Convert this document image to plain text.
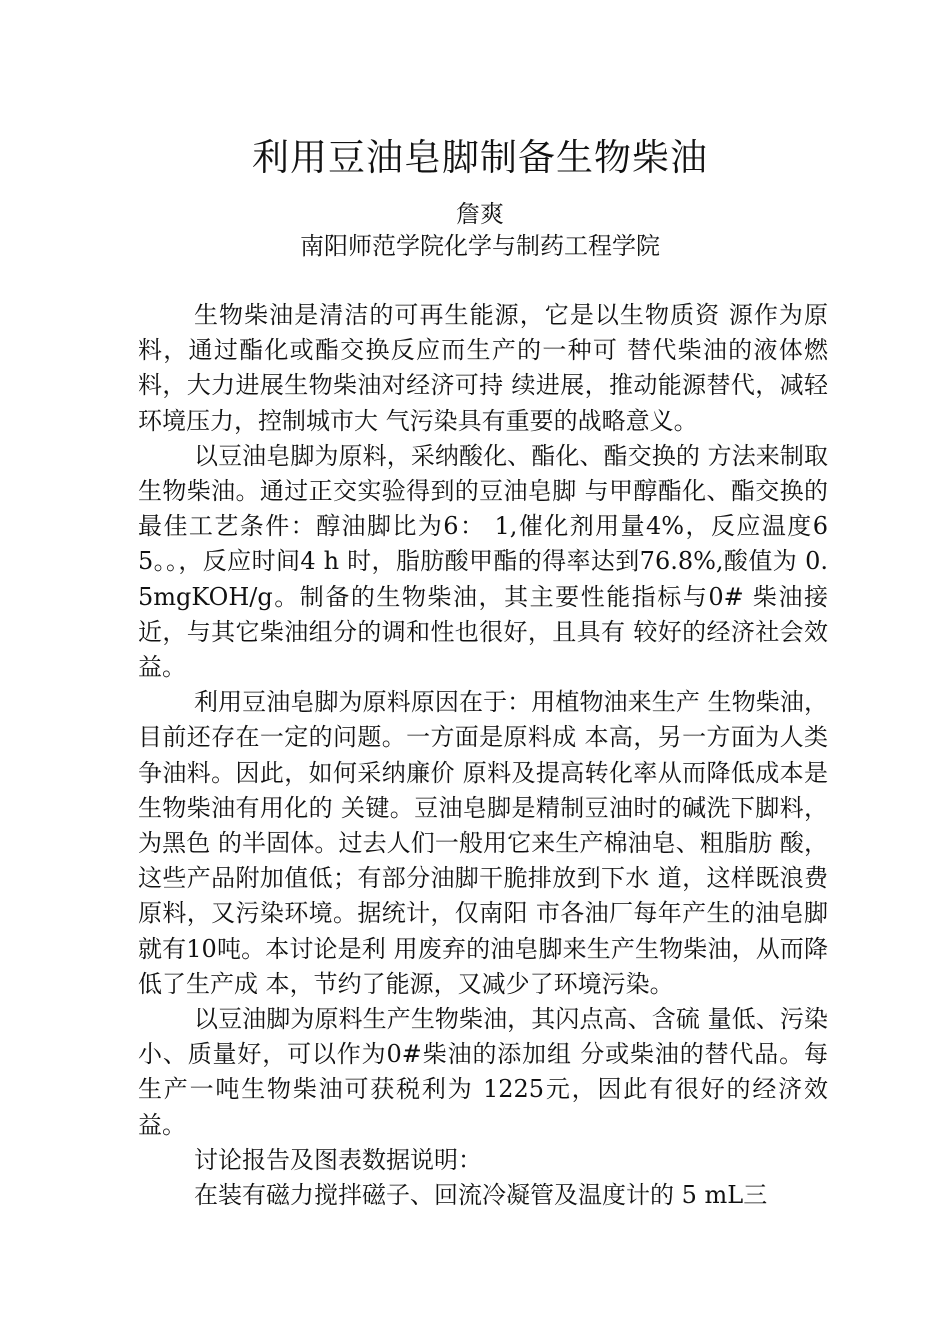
利用豆油皂脚制备生物柴油

詹爽

南阳师范学院化学与制药工程学院

生物柴油是清洁的可再生能源，它是以生物质资 源作为原料，通过酯化或酯交换反应而生产的一种可 替代柴油的液体燃料，大力进展生物柴油对经济可持 续进展，推动能源替代，减轻环境压力，控制城市大 气污染具有重要的战略意义。

以豆油皂脚为原料，采纳酸化、酯化、酯交换的 方法来制取生物柴油。通过正交实验得到的豆油皂脚 与甲醇酯化、酯交换的最佳工艺条件：醇油脚比为6： 1,催化剂用量4%，反应温度65。。，反应时间4 h 时，脂肪酸甲酯的得率达到76.8%,酸值为 0.5mgKOH/g。制备的生物柴油，其主要性能指标与0# 柴油接近，与其它柴油组分的调和性也很好，且具有 较好的经济社会效益。

利用豆油皂脚为原料原因在于：用植物油来生产 生物柴油，目前还存在一定的问题。一方面是原料成 本高，另一方面为人类争油料。因此，如何采纳廉价 原料及提高转化率从而降低成本是生物柴油有用化的 关键。豆油皂脚是精制豆油时的碱洗下脚料，为黑色 的半固体。过去人们一般用它来生产棉油皂、粗脂肪 酸，这些产品附加值低；有部分油脚干脆排放到下水 道，这样既浪费原料，又污染环境。据统计，仅南阳 市各油厂每年产生的油皂脚就有10吨。本讨论是利 用废弃的油皂脚来生产生物柴油，从而降低了生产成 本，节约了能源，又减少了环境污染。

以豆油脚为原料生产生物柴油，其闪点高、含硫 量低、污染小、质量好，可以作为0#柴油的添加组 分或柴油的替代品。每生产一吨生物柴油可获税利为 1225元，因此有很好的经济效益。

讨论报告及图表数据说明：

在装有磁力搅拌磁子、回流冷凝管及温度计的 5 mL三
